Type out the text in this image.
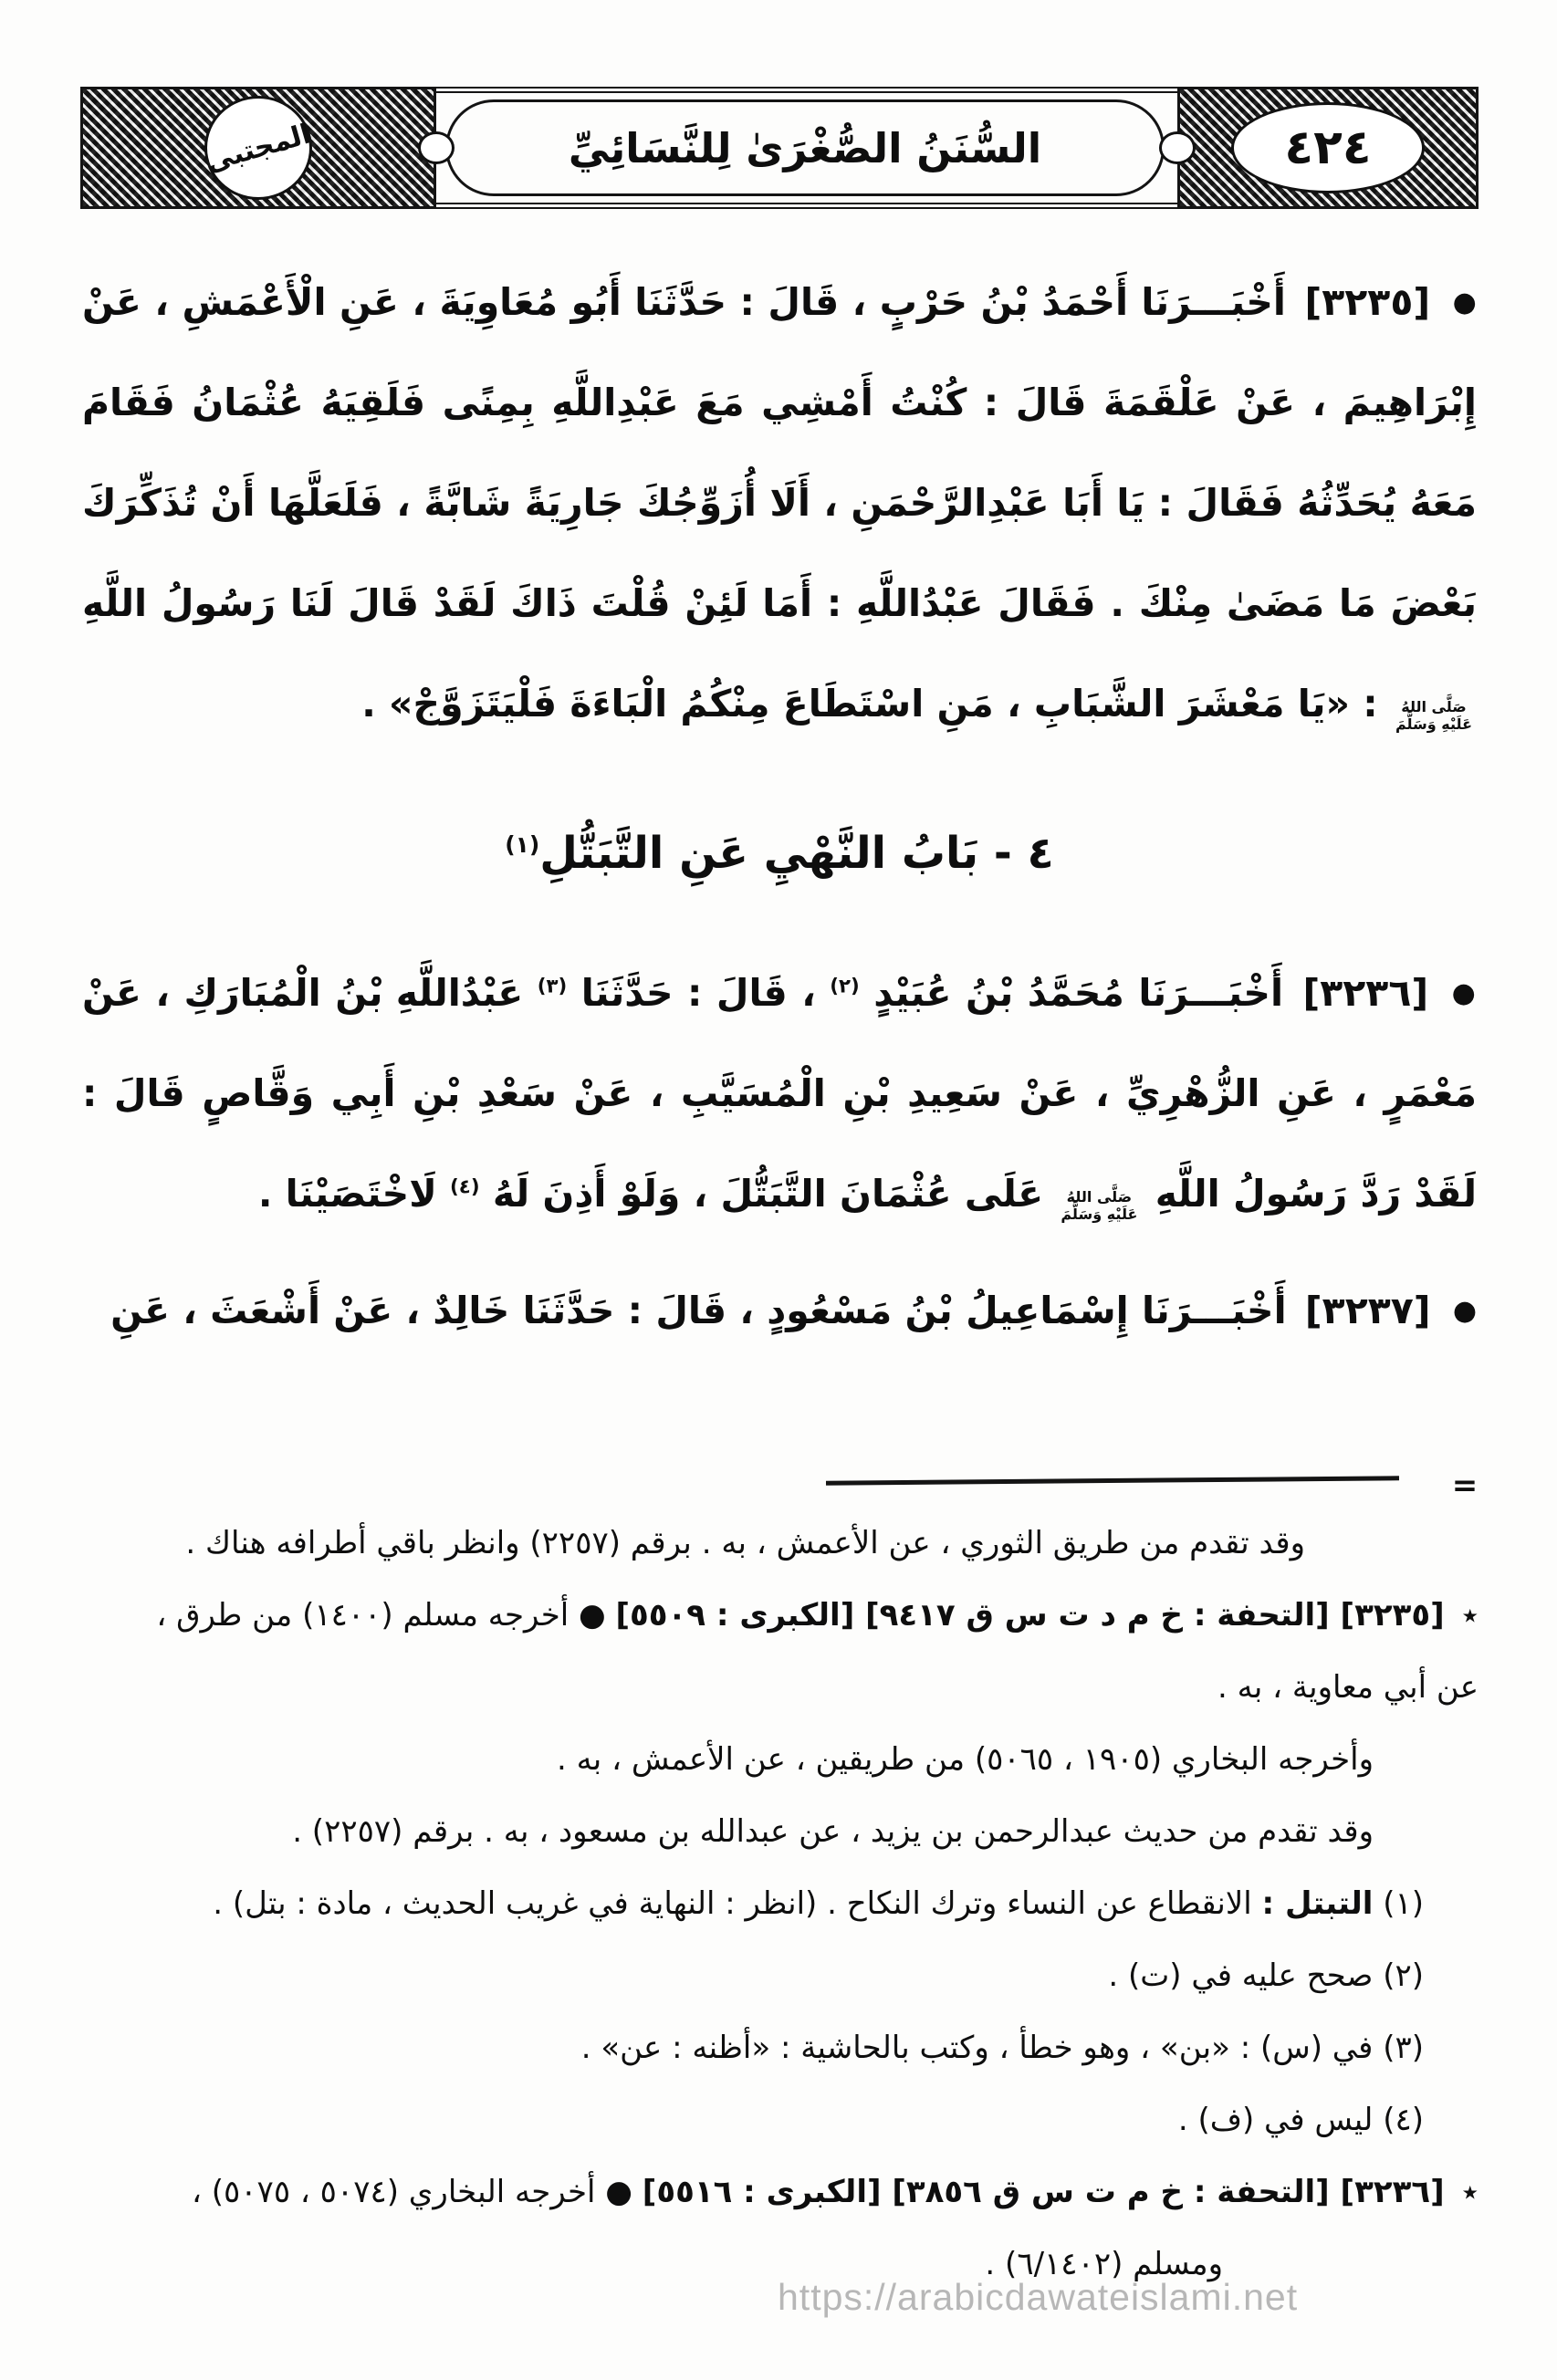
المجتبى	السُّنَنُ الصُّغْرَىٰ لِلنَّسَائِيِّ	٤٢٤

● [٣٢٣٥] أَخْبَـــرَنَا أَحْمَدُ بْنُ حَرْبٍ ، قَالَ : حَدَّثَنَا أَبُو مُعَاوِيَةَ ، عَنِ الْأَعْمَشِ ، عَنْ إِبْرَاهِيمَ ، عَنْ عَلْقَمَةَ قَالَ : كُنْتُ أَمْشِي مَعَ عَبْدِاللَّهِ بِمِنًى فَلَقِيَهُ عُثْمَانُ فَقَامَ مَعَهُ يُحَدِّثُهُ فَقَالَ : يَا أَبَا عَبْدِالرَّحْمَنِ ، أَلَا أُزَوِّجُكَ جَارِيَةً شَابَّةً ، فَلَعَلَّهَا أَنْ تُذَكِّرَكَ بَعْضَ مَا مَضَىٰ مِنْكَ . فَقَالَ عَبْدُاللَّهِ : أَمَا لَئِنْ قُلْتَ ذَاكَ لَقَدْ قَالَ لَنَا رَسُولُ اللَّهِ
صَلَّى اللهُ
عَلَيْهِ وَسَلَّمَ
: «يَا مَعْشَرَ الشَّبَابِ ، مَنِ اسْتَطَاعَ مِنْكُمُ الْبَاءَةَ فَلْيَتَزَوَّجْ» .

٤ - بَابُ النَّهْيِ عَنِ التَّبَتُّلِ$^{(١)}$

● [٣٢٣٦] أَخْبَـــرَنَا مُحَمَّدُ بْنُ عُبَيْدٍ $^{(٢)}$ ، قَالَ : حَدَّثَنَا $^{(٣)}$ عَبْدُاللَّهِ بْنُ الْمُبَارَكِ ، عَنْ مَعْمَرٍ ، عَنِ الزُّهْرِيِّ ، عَنْ سَعِيدِ بْنِ الْمُسَيَّبِ ، عَنْ سَعْدِ بْنِ أَبِي وَقَّاصٍ قَالَ : لَقَدْ رَدَّ رَسُولُ اللَّهِ
صَلَّى اللهُ
عَلَيْهِ وَسَلَّمَ
عَلَى عُثْمَانَ التَّبَتُّلَ ، وَلَوْ أَذِنَ لَهُ $^{(٤)}$ لَاخْتَصَيْنَا .

● [٣٢٣٧] أَخْبَـــرَنَا إِسْمَاعِيلُ بْنُ مَسْعُودٍ ، قَالَ : حَدَّثَنَا خَالِدٌ ، عَنْ أَشْعَثَ ، عَنِ

=

وقد تقدم من طريق الثوري ، عن الأعمش ، به . برقم (٢٢٥٧) وانظر باقي أطرافه هناك .

٭ [٣٢٣٥] [التحفة : خ م د ت س ق ٩٤١٧] [الكبرى : ٥٥٠٩] ● أخرجه مسلم (١٤٠٠) من طرق ،

عن أبي معاوية ، به .

وأخرجه البخاري (١٩٠٥ ، ٥٠٦٥) من طريقين ، عن الأعمش ، به .

وقد تقدم من حديث عبدالرحمن بن يزيد ، عن عبدالله بن مسعود ، به . برقم (٢٢٥٧) .

(١) التبتل : الانقطاع عن النساء وترك النكاح . (انظر : النهاية في غريب الحديث ، مادة : بتل) .

(٢) صحح عليه في (ت) .

(٣) في (س) : «بن» ، وهو خطأ ، وكتب بالحاشية : «أظنه : عن» .

(٤) ليس في (ف) .

٭ [٣٢٣٦] [التحفة : خ م ت س ق ٣٨٥٦] [الكبرى : ٥٥١٦] ● أخرجه البخاري (٥٠٧٤ ، ٥٠٧٥) ،

ومسلم (٦/١٤٠٢) .

https://arabicdawateislami.net
